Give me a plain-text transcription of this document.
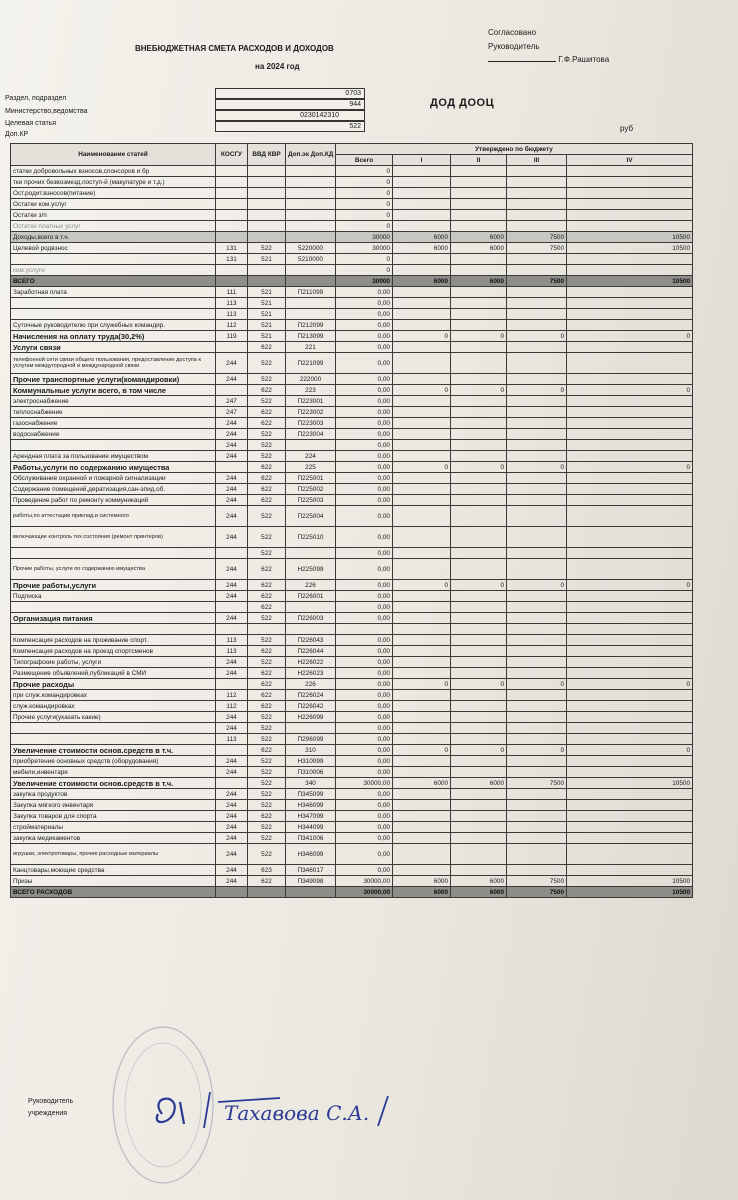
ВНЕБЮДЖЕТНАЯ СМЕТА РАСХОДОВ И ДОХОДОВ
на 2024 год
Согласовано
Руководитель
Г.Ф.Рашитова
ДОД ДООЦ
руб
Раздел, подраздел
Министерство,ведомства
Целевая статья
Доп.КР
0703
944
0230142310
522
Наименование статей	КОСГУ	ВВД КВР	Доп.эк Доп.КД	Утверждено по бюджету				
				Всего	I	II	III	IV
статки добровольных взносов,спонсоров и бр				0				
тки прочих безвозмезд.поступ-й (макулатуре и т.д.)				0				
Ост.родит.взносов(питание)				0				
Остатки ком.услуг				0				
Остатки з/п				0				
Остатки платных услуг				0				
Доходы,всего в т.ч.				30000	6000	6000	7500	10500
Целевой родвзнос	131	522	5220000	30000	6000	6000	7500	10500
	131	521	5210000	0				
ком.услуги				0				
ВСЕГО				30000	6000	6000	7500	10500
Заработная плата	111	521	П211099	0,00				
	113	521		0,00				
	113	521		0,00				
Суточные руководителю при служебных командир.	112	521	П212099	0,00				
Начисления на оплату труда(30,2%)	119	521	П213099	0,00	0	0	0	0
Услуги связи		622	221	0,00				
телефонной сети связи общего пользования, предоставление доступа к услугам междугородной и международной связи	244	522	П221099	0,00				
Прочие транспортные услуги(командировки)	244	522	222000	0,00				
Коммунальные услуги всего, в том числе		622	223	0,00	0	0	0	0
электроснабжение	247	522	П223001	0,00				
теплоснабжение	247	622	П223002	0,00				
газоснабжение	244	622	П223003	0,00				
водоснабжение	244	522	П223004	0,00				
	244	522		0,00				
Арендная плата за пользование имуществом	244	522	224	0,00				
Работы,услуги по содержанию имущества		622	225	0,00	0	0	0	0
Обслуживание охранной и пожарной сигнализации	244	622	П225001	0,00				
Содержание помещений,дератизация,сан-эпид.об.	244	622	П225002	0,00				
Проведение работ по ремонту коммуникаций	244	622	П225003	0,00				
работы,по аттестации приклад.и системного	244	522	П225004	0,00				
включающие контроль тех.состояния (ремонт принтеров)	244	522	П225010	0,00				
		522		0,00				
Прочие работы, услуги по содержанию имущества	244	622	Н225099	0,00				
Прочие работы,услуги	244	622	226	0,00	0	0	0	0
Подписка	244	622	П226001	0,00				
		622		0,00				
Организация питания	244	522	П226003	0,00				

Компенсация расходов на проживание спорт.	113	522	П226043	0,00				
Компенсация расходов на проезд спортсменов	113	622	П226044	0,00				
Типографские работы, услуги	244	522	Н226022	0,00				
Размещение объявлений,публикаций в СМИ	244	622	Н226023	0,00				
Прочие расходы		622	226	0,00	0	0	0	0
при служ.командировках	112	622	П226024	0,00				
служ.командировках	112	622	П226042	0,00				
Прочие услуги(указать какие)	244	522	Н226099	0,00				
	244	522		0,00				
	113	522	П296099	0,00				
Увеличение стоимости основ.средств в т.ч.		622	310	0,00	0	0	0	0
приобретение основных средств (оборудования)	244	522	Н310099	0,00				
мебели,инвентаря	244	522	П310006	0,00				
Увеличение стоимости основ.средств в т.ч.		522	340	30000,00	6000	6000	7500	10500
закупка продуктов	244	522	П345099	0,00				
Закупка мягкого инвентаря	244	522	Н346099	0,00				
Закупка товаров для спорта	244	622	Н347099	0,00				
стройматериалы	244	522	Н344099	0,00				
закупка медикаментов	244	522	П341006	0,00				
игрушки, электротовары, прочие расходные материалы	244	522	Н346099	0,00				
Канцтовары,моющие средства	244	623	П346017	0,00				
Призы	244	622	П349098	30000,00	6000	6000	7500	10500
ВСЕГО РАСХОДОВ				30000,00	6000	6000	7500	10500
Руководитель
учреждения	Тахавова С.А.
